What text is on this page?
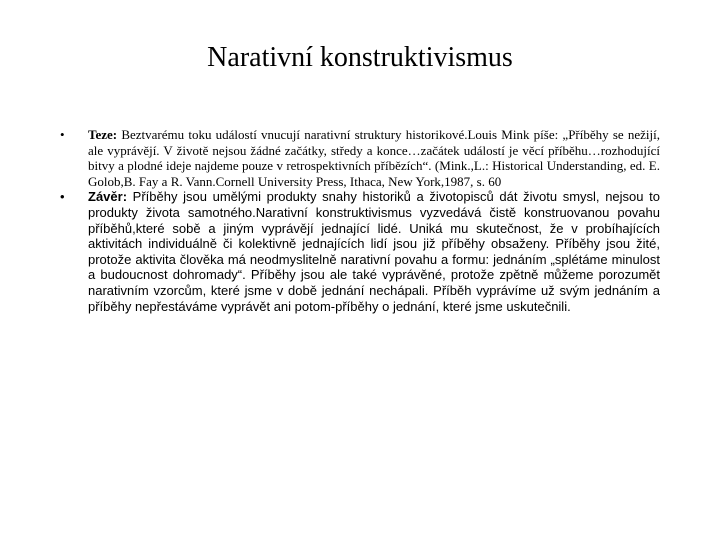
Narativní konstruktivismus
•	Teze: Beztvarému toku událostí vnucují narativní struktury historikové.Louis Mink píše: „Příběhy se nežijí, ale vyprávějí. V životě nejsou žádné začátky, středy a konce…začátek událostí je věcí příběhu…rozhodující bitvy a plodné ideje najdeme pouze v retrospektivních příbězích“. (Mink.,L.: Historical Understanding, ed. E. Golob,B. Fay a R. Vann.Cornell University Press, Ithaca, New York,1987, s. 60
•	Závěr: Příběhy jsou umělými produkty snahy historiků a životopisců dát životu smysl, nejsou to produkty života samotného.Narativní konstruktivismus vyzvedává čistě konstruovanou povahu příběhů,které sobě a jiným vyprávějí jednající lidé. Uniká mu skutečnost, že v probíhajících aktivitách individuálně či kolektivně jednajících lidí jsou již příběhy obsaženy. Příběhy jsou žité, protože aktivita člověka má neodmyslitelně narativní povahu a formu: jednáním „splétáme minulost a budoucnost dohromady“. Příběhy jsou ale také vyprávěné, protože zpětně můžeme porozumět narativním vzorcům, které jsme v době jednání nechápali. Příběh vyprávíme už svým jednáním a příběhy nepřestáváme vyprávět ani potom-příběhy o jednání, které jsme uskutečnili.
